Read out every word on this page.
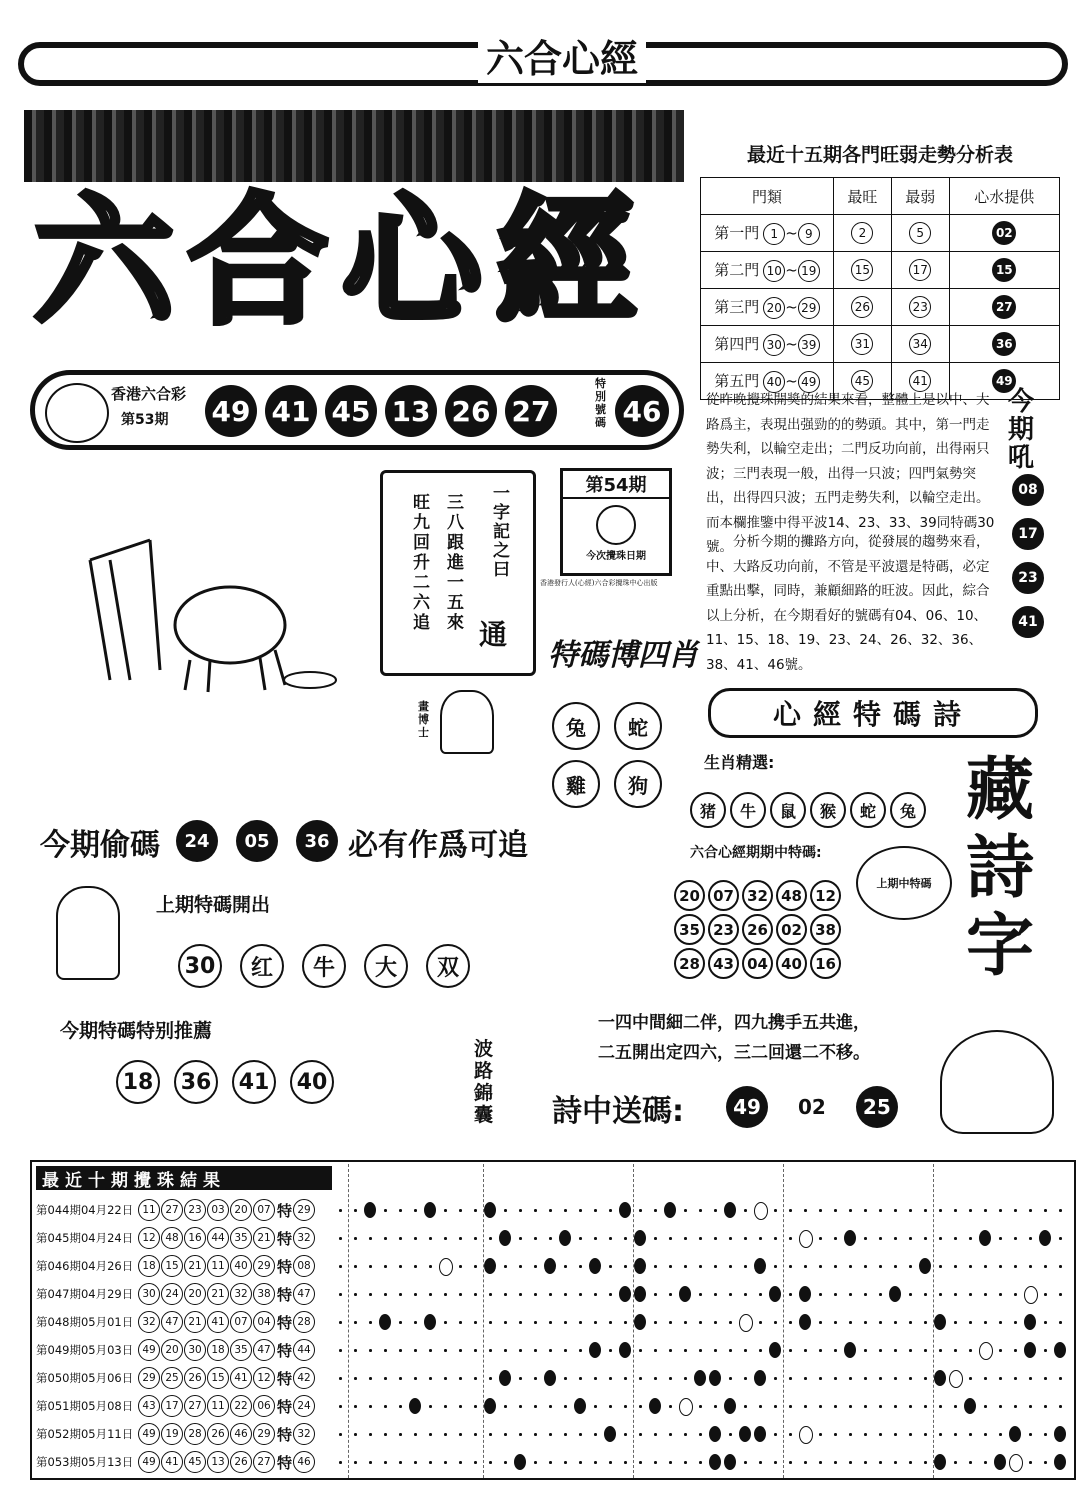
六合心經
六合心經
香港六合彩
第53期 49 41 45 13 26 27
特別號碼 46
最近十五期各門旺弱走勢分析表
門類	最旺	最弱	心水提供
第一門 1 ~ 9	2	5	02
第二門 10 ~ 19	15	17	15
第三門 20 ~ 29	26	23	27
第四門 30 ~ 39	31	34	36
第五門 40 ~ 49	45	41	49
從昨晚攪珠開獎的結果來看，整體上是以中、大路爲主，表現出强勁的的勢頭。其中，第一門走勢失利，以輪空走出；二門反功向前，出得兩只波；三門表現一般，出得一只波；四門氣勢突出，出得四只波；五門走勢失利，以輪空走出。而本欄推鑒中得平波14、23、33、39同特碼30號。 分析今期的攤路方向，從發展的趨勢來看，中、大路反功向前，不管是平波還是特碼，必定重點出擊，同時，兼顧細路的旺波。因此，綜合以上分析，在今期看好的號碼有04、06、10、11、15、18、19、23、24、26、32、36、38、41、46號。
今期吼
08
17
23
41
一字記之曰
三八跟進一五來
旺九回升二六追 通
畫博士
第54期
今次攪珠日期
香港發行人(心經)六合彩攪珠中心出版
特碼博四肖
兔	蛇
雞	狗
今期偷碼	24	05	36 必有作爲可追
上期特碼開出
30	红	牛	大	双
今期特碼特别推薦
18	36	41	40
波路錦囊
心經特碼詩
生肖精選:
猪	牛	鼠	猴	蛇	兔
六合心經期期中特碼:
上期中特碼
20 07 32 48 12
35 23 26 02 38
28 43 04 40 16
藏詩字
一四中間細二伴，四九携手五共進，
二五開出定四六，三二回還二不移。
詩中送碼:	49	02	25
最近十期攪珠結果
第044期04月22日 11 27 23 03 20 07 特 29
第045期04月24日 12 48 16 44 35 21 特 32
第046期04月26日 18 15 21 11 40 29 特 08
第047期04月29日 30 24 20 21 32 38 特 47
第048期05月01日 32 47 21 41 07 04 特 28
第049期05月03日 49 20 30 18 35 47 特 44
第050期05月06日 29 25 26 15 41 12 特 42
第051期05月08日 43 17 27 11 22 06 特 24
第052期05月11日 49 19 28 26 46 29 特 32
第053期05月13日 49 41 45 13 26 27 特 46
